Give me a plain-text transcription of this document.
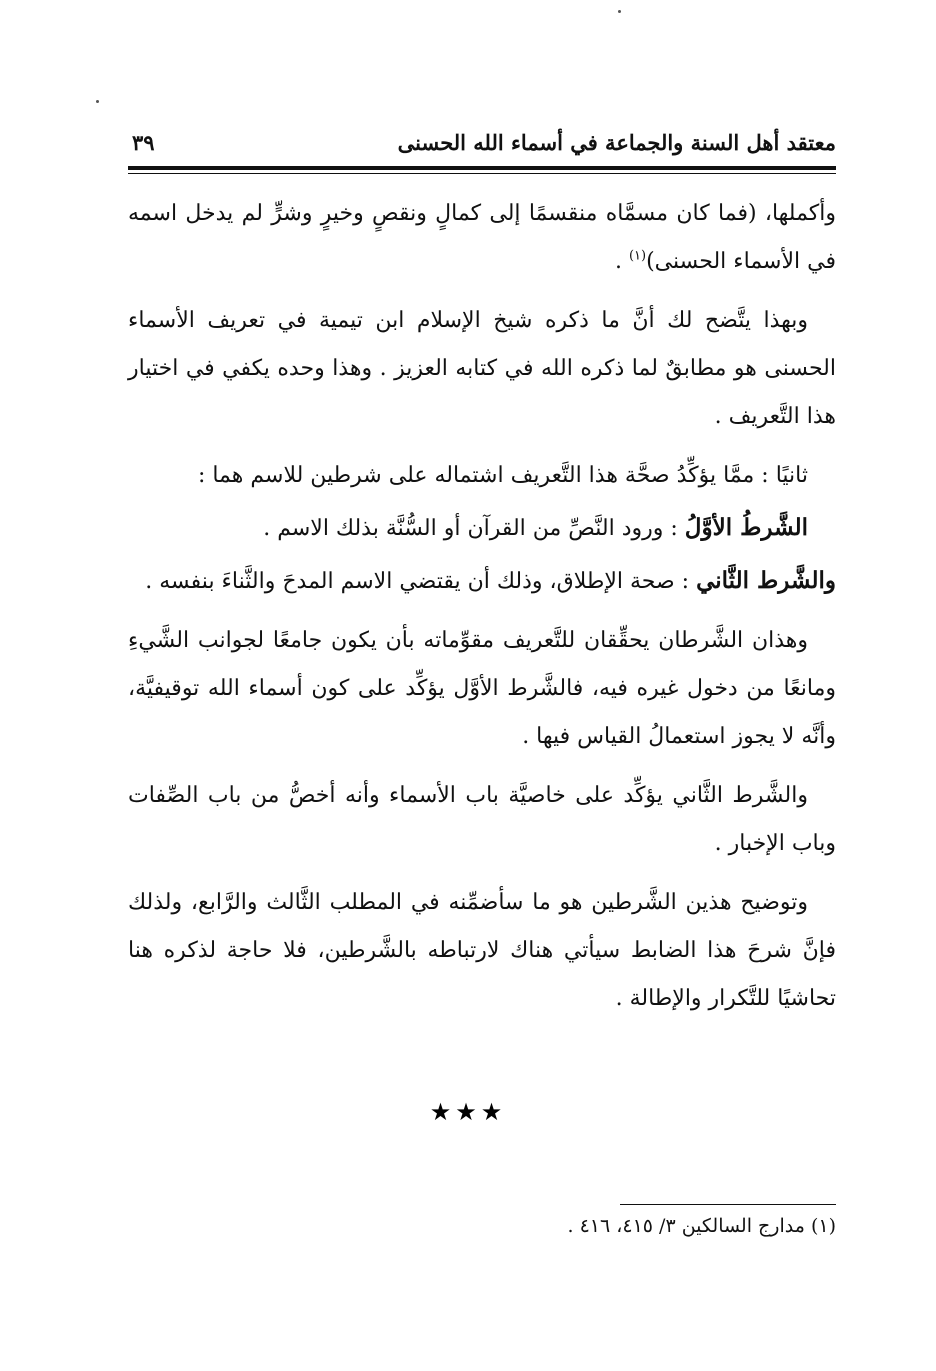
معتقد أهل السنة والجماعة في أسماء الله الحسنى
٣٩

وأكملها، (فما كان مسمَّاه منقسمًا إلى كمالٍ ونقصٍ وخيرٍ وشرٍّ لم يدخل اسمه في الأسماء الحسنى)$^{(١)}$ .

وبهذا يتَّضح لك أنَّ ما ذكره شيخ الإسلام ابن تيمية في تعريف الأسماء الحسنى هو مطابقٌ لما ذكره الله في كتابه العزيز . وهذا وحده يكفي في اختيار هذا التَّعريف .

ثانيًا : ممَّا يؤكِّدُ صحَّة هذا التَّعريف اشتماله على شرطين للاسم هما :

الشَّرطُ الأوَّلُ : ورود النَّصِّ من القرآن أو السُّنَّة بذلك الاسم .

والشَّرط الثَّاني : صحة الإطلاق، وذلك أن يقتضي الاسم المدحَ والثَّناءَ بنفسه .

وهذان الشَّرطان يحقِّقان للتَّعريف مقوِّماته بأن يكون جامعًا لجوانب الشَّيءِ ومانعًا من دخول غيره فيه، فالشَّرط الأوَّل يؤكِّد على كون أسماء الله توقيفيَّة، وأنَّه لا يجوز استعمالُ القياس فيها .

والشَّرط الثَّاني يؤكِّد على خاصيَّة باب الأسماء وأنه أخصُّ من باب الصِّفات وباب الإخبار .

وتوضيح هذين الشَّرطين هو ما سأضمِّنه في المطلب الثَّالث والرَّابع، ولذلك فإنَّ شرحَ هذا الضابط سيأتي هناك لارتباطه بالشَّرطين، فلا حاجة لذكره هنا تحاشيًا للتَّكرار والإطالة .

★★★
(١) مدارج السالكين ٣/ ٤١٥، ٤١٦ .
